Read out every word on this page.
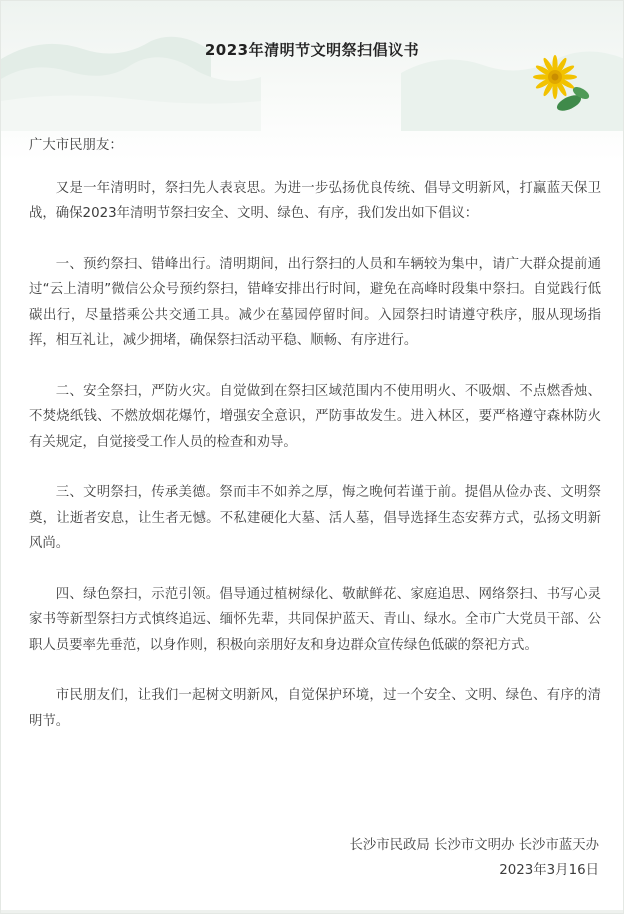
2023年清明节文明祭扫倡议书

广大市民朋友：

又是一年清明时，祭扫先人表哀思。为进一步弘扬优良传统、倡导文明新风，打赢蓝天保卫战，确保2023年清明节祭扫安全、文明、绿色、有序，我们发出如下倡议：

一、预约祭扫、错峰出行。清明期间，出行祭扫的人员和车辆较为集中，请广大群众提前通过“云上清明”微信公众号预约祭扫，错峰安排出行时间，避免在高峰时段集中祭扫。自觉践行低碳出行，尽量搭乘公共交通工具。减少在墓园停留时间。入园祭扫时请遵守秩序，服从现场指挥，相互礼让，减少拥堵，确保祭扫活动平稳、顺畅、有序进行。

二、安全祭扫，严防火灾。自觉做到在祭扫区域范围内不使用明火、不吸烟、不点燃香烛、不焚烧纸钱、不燃放烟花爆竹，增强安全意识，严防事故发生。进入林区，要严格遵守森林防火有关规定，自觉接受工作人员的检查和劝导。

三、文明祭扫，传承美德。祭而丰不如养之厚，悔之晚何若谨于前。提倡从俭办丧、文明祭奠，让逝者安息，让生者无憾。不私建硬化大墓、活人墓，倡导选择生态安葬方式，弘扬文明新风尚。

四、绿色祭扫，示范引领。倡导通过植树绿化、敬献鲜花、家庭追思、网络祭扫、书写心灵家书等新型祭扫方式慎终追远、缅怀先辈，共同保护蓝天、青山、绿水。全市广大党员干部、公职人员要率先垂范，以身作则，积极向亲朋好友和身边群众宣传绿色低碳的祭祀方式。

市民朋友们，让我们一起树文明新风，自觉保护环境，过一个安全、文明、绿色、有序的清明节。

长沙市民政局 长沙市文明办 长沙市蓝天办
2023年3月16日
